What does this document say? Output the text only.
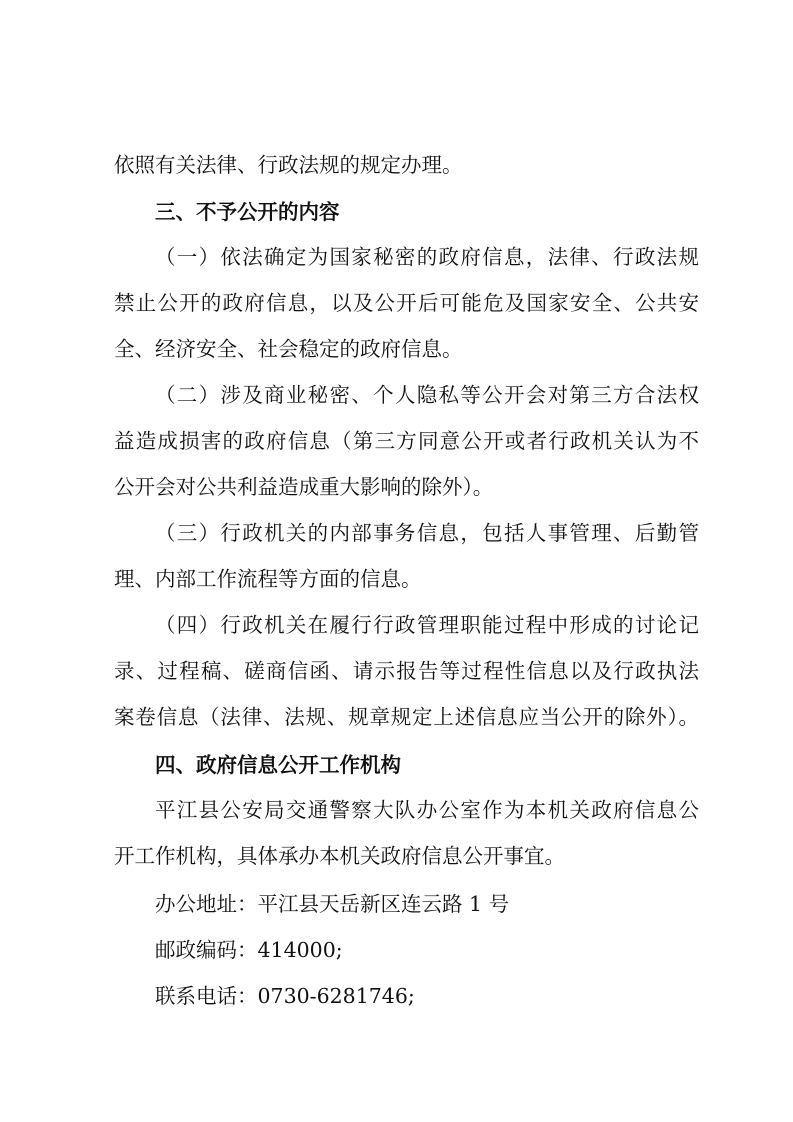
依照有关法律、行政法规的规定办理。
三、不予公开的内容
（一）依法确定为国家秘密的政府信息，法律、行政法规
禁止公开的政府信息，以及公开后可能危及国家安全、公共安
全、经济安全、社会稳定的政府信息。
（二）涉及商业秘密、个人隐私等公开会对第三方合法权
益造成损害的政府信息（第三方同意公开或者行政机关认为不
公开会对公共利益造成重大影响的除外）。
（三）行政机关的内部事务信息，包括人事管理、后勤管
理、内部工作流程等方面的信息。
（四）行政机关在履行行政管理职能过程中形成的讨论记
录、过程稿、磋商信函、请示报告等过程性信息以及行政执法
案卷信息（法律、法规、规章规定上述信息应当公开的除外）。
四、政府信息公开工作机构
平江县公安局交通警察大队办公室作为本机关政府信息公
开工作机构，具体承办本机关政府信息公开事宜。
办公地址：平江县天岳新区连云路 1 号
邮政编码：414000;
联系电话：0730-6281746;
